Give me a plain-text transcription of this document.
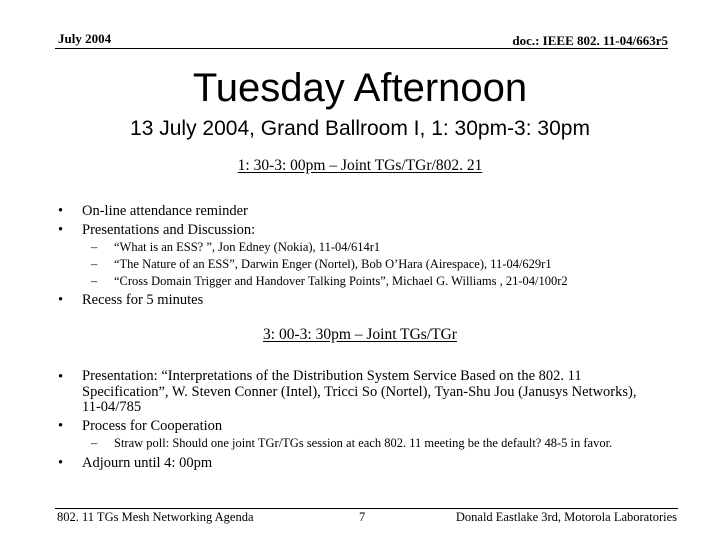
July 2004	doc.: IEEE 802. 11-04/663r5
Tuesday Afternoon
13 July 2004, Grand Ballroom I, 1: 30pm-3: 30pm
1: 30-3: 00pm – Joint TGs/TGr/802. 21
• On-line attendance reminder
• Presentations and Discussion:
– “What is an ESS? ”, Jon Edney (Nokia), 11-04/614r1
– “The Nature of an ESS”, Darwin Enger (Nortel), Bob O’Hara (Airespace), 11-04/629r1
– “Cross Domain Trigger and Handover Talking Points”, Michael G. Williams , 21-04/100r2
• Recess for 5 minutes
3: 00-3: 30pm – Joint TGs/TGr
• Presentation: “Interpretations of the Distribution System Service Based on the 802. 11 Specification”, W. Steven Conner (Intel), Tricci So (Nortel), Tyan-Shu Jou (Janusys Networks), 11-04/785
• Process for Cooperation
– Straw poll: Should one joint TGr/TGs session at each 802. 11 meeting be the default? 48-5 in favor.
• Adjourn until 4: 00pm
802. 11 TGs Mesh Networking Agenda	7	Donald Eastlake 3rd, Motorola Laboratories
